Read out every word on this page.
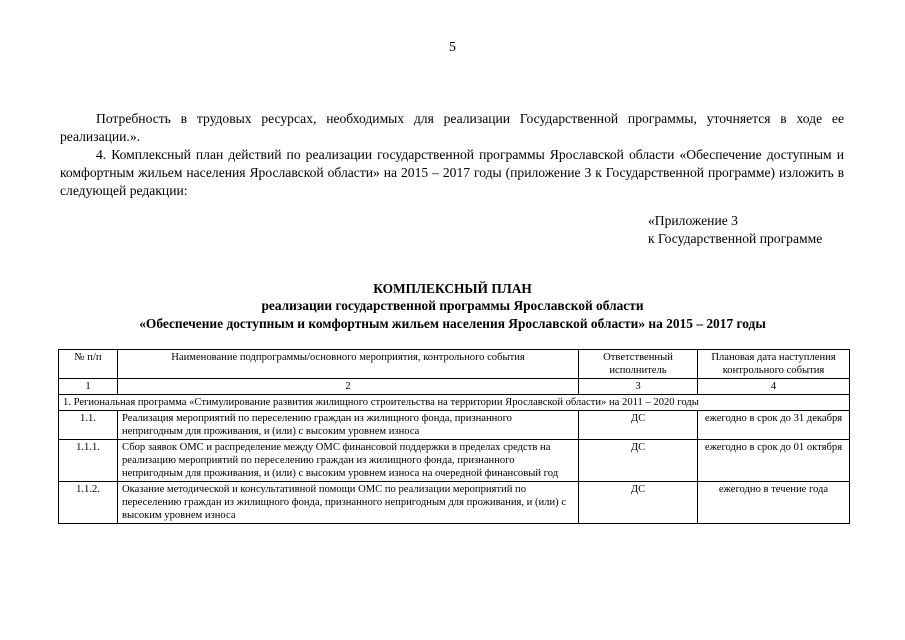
5
Потребность в трудовых ресурсах, необходимых для реализации Государственной программы, уточняется в ходе ее реализации.».
4. Комплексный план действий по реализации государственной программы Ярославской области «Обеспечение доступным и комфортным жильем населения Ярославской области» на 2015 – 2017 годы (приложение 3 к Государственной программе) изложить в следующей редакции:
«Приложение 3
к Государственной программе
КОМПЛЕКСНЫЙ ПЛАН
реализации государственной программы Ярославской области
«Обеспечение доступным и комфортным жильем населения Ярославской области» на 2015 – 2017 годы
№ п/п	Наименование подпрограммы/основного мероприятия, контрольного события	Ответственный исполнитель	Плановая дата наступления контрольного события
1	2	3	4
1. Региональная программа «Стимулирование развития жилищного строительства на территории Ярославской области» на 2011 – 2020 годы			
1.1.	Реализация мероприятий по переселению граждан из жилищного фонда, признанного непригодным для проживания, и (или) с высоким уровнем износа	ДС	ежегодно в срок до 31 декабря
1.1.1.	Сбор заявок ОМС и распределение между ОМС финансовой поддержки в пределах средств на реализацию мероприятий по переселению граждан из жилищного фонда, признанного непригодным для проживания, и (или) с высоким уровнем износа на очередной финансовый год	ДС	ежегодно в срок до 01 октября
1.1.2.	Оказание методической и консультативной помощи ОМС по реализации мероприятий по переселению граждан из жилищного фонда, признанного непригодным для проживания, и (или) с высоким уровнем износа	ДС	ежегодно в течение года
